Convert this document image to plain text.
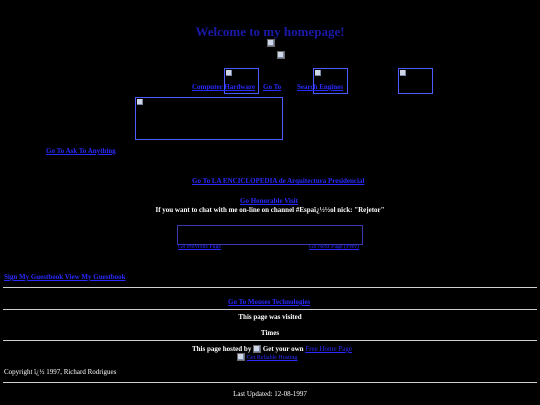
Welcome to my homepage!

Computer Hardware Go To Search Engines

Go To Ask To Anything

Go To LA ENCICLOPEDIA de Arquitectura Presidencial

Go Honorable Visit
If you want to chat with me on-line on channel #Espaï¿½½ol nick: "Rejetor"
Go Previous Page	Go Next Page (Prev)
Sign My Guestbook View My Guestbook

Go To Mouses Technologies
This page was visited
Times
This page hosted by Get your own Free Home Page
Get Reliable Hosting
Copyright ï¿½ 1997, Richard Rodrigues
Last Updated: 12-08-1997
